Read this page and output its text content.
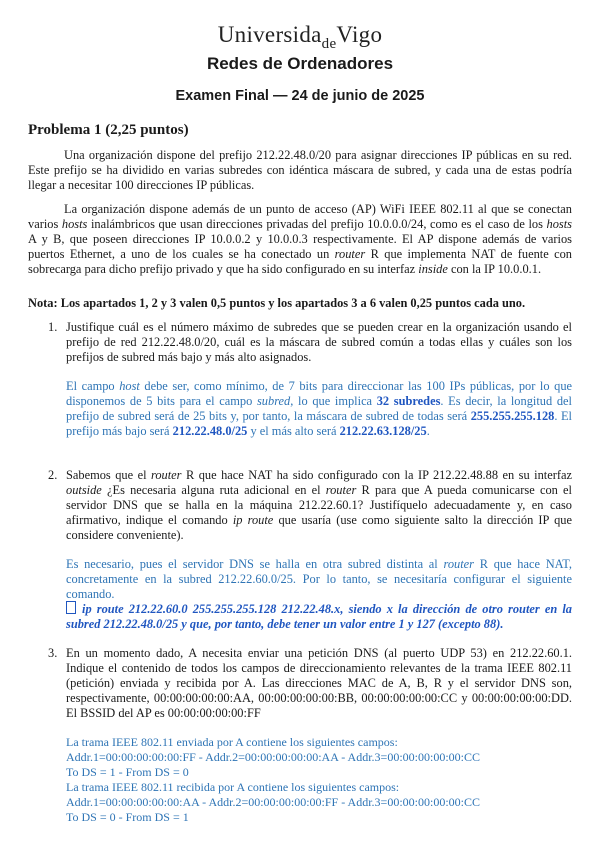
Universida$_{de}$Vigo
Redes de Ordenadores
Examen Final — 24 de junio de 2025
Problema 1 (2,25 puntos)
Una organización dispone del prefijo 212.22.48.0/20 para asignar direcciones IP públicas en su red. Este prefijo se ha dividido en varias subredes con idéntica máscara de subred, y cada una de estas podría llegar a necesitar 100 direcciones IP públicas.
La organización dispone además de un punto de acceso (AP) WiFi IEEE 802.11 al que se conectan varios hosts inalámbricos que usan direcciones privadas del prefijo 10.0.0.0/24, como es el caso de los hosts A y B, que poseen direcciones IP 10.0.0.2 y 10.0.0.3 respectivamente. El AP dispone además de varios puertos Ethernet, a uno de los cuales se ha conectado un router R que implementa NAT de fuente con sobrecarga para dicho prefijo privado y que ha sido configurado en su interfaz inside con la IP 10.0.0.1.
Nota: Los apartados 1, 2 y 3 valen 0,5 puntos y los apartados 3 a 6 valen 0,25 puntos cada uno.
1. Justifique cuál es el número máximo de subredes que se pueden crear en la organización usando el prefijo de red 212.22.48.0/20, cuál es la máscara de subred común a todas ellas y cuáles son los prefijos de subred más bajo y más alto asignados.
El campo host debe ser, como mínimo, de 7 bits para direccionar las 100 IPs públicas, por lo que disponemos de 5 bits para el campo subred, lo que implica 32 subredes. Es decir, la longitud del prefijo de subred será de 25 bits y, por tanto, la máscara de subred de todas será 255.255.255.128. El prefijo más bajo será 212.22.48.0/25 y el más alto será 212.22.63.128/25.
2. Sabemos que el router R que hace NAT ha sido configurado con la IP 212.22.48.88 en su interfaz outside ¿Es necesaria alguna ruta adicional en el router R para que A pueda comunicarse con el servidor DNS que se halla en la máquina 212.22.60.1? Justifíquelo adecuadamente y, en caso afirmativo, indique el comando ip route que usaría (use como siguiente salto la dirección IP que considere conveniente).
Es necesario, pues el servidor DNS se halla en otra subred distinta al router R que hace NAT, concretamente en la subred 212.22.60.0/25. Por lo tanto, se necesitaría configurar el siguiente comando.
ip route 212.22.60.0 255.255.255.128 212.22.48.x, siendo x la dirección de otro router en la subred 212.22.48.0/25 y que, por tanto, debe tener un valor entre 1 y 127 (excepto 88).
3. En un momento dado, A necesita enviar una petición DNS (al puerto UDP 53) en 212.22.60.1. Indique el contenido de todos los campos de direccionamiento relevantes de la trama IEEE 802.11 (petición) enviada y recibida por A. Las direcciones MAC de A, B, R y el servidor DNS son, respectivamente, 00:00:00:00:00:AA, 00:00:00:00:00:BB, 00:00:00:00:00:CC y 00:00:00:00:00:DD. El BSSID del AP es 00:00:00:00:00:FF
La trama IEEE 802.11 enviada por A contiene los siguientes campos:
Addr.1=00:00:00:00:00:FF - Addr.2=00:00:00:00:00:AA - Addr.3=00:00:00:00:00:CC
To DS = 1 - From DS = 0
La trama IEEE 802.11 recibida por A contiene los siguientes campos:
Addr.1=00:00:00:00:00:AA - Addr.2=00:00:00:00:00:FF - Addr.3=00:00:00:00:00:CC
To DS = 0 - From DS = 1
